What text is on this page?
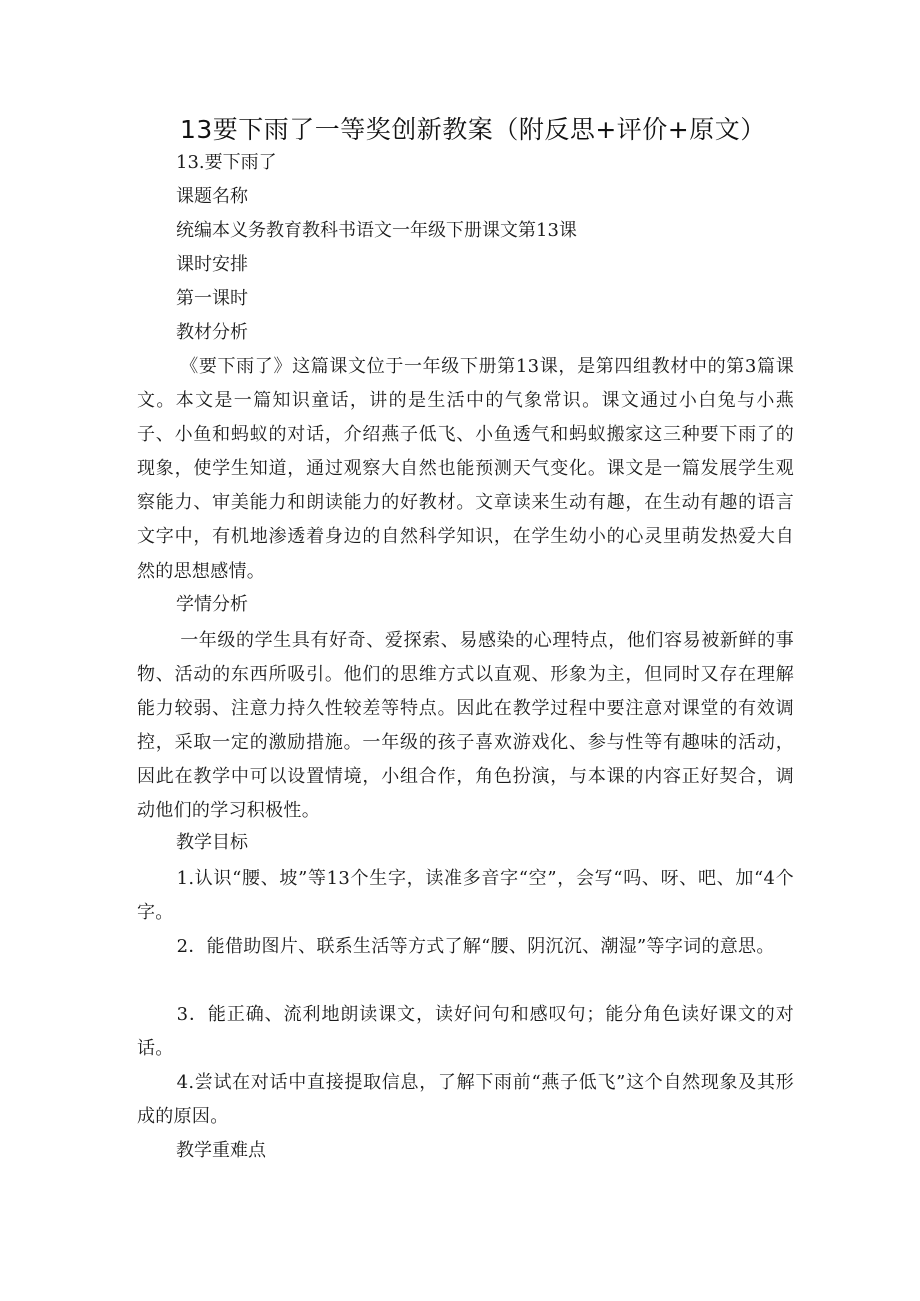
13要下雨了一等奖创新教案（附反思+评价+原文）
13.要下雨了
课题名称
统编本义务教育教科书语文一年级下册课文第13课
课时安排
第一课时
教材分析
《要下雨了》这篇课文位于一年级下册第13课，是第四组教材中的第3篇课文。本文是一篇知识童话，讲的是生活中的气象常识。课文通过小白兔与小燕子、小鱼和蚂蚁的对话，介绍燕子低飞、小鱼透气和蚂蚁搬家这三种要下雨了的现象，使学生知道，通过观察大自然也能预测天气变化。课文是一篇发展学生观察能力、审美能力和朗读能力的好教材。文章读来生动有趣，在生动有趣的语言文字中，有机地渗透着身边的自然科学知识，在学生幼小的心灵里萌发热爱大自然的思想感情。
学情分析
一年级的学生具有好奇、爱探索、易感染的心理特点，他们容易被新鲜的事物、活动的东西所吸引。他们的思维方式以直观、形象为主，但同时又存在理解能力较弱、注意力持久性较差等特点。因此在教学过程中要注意对课堂的有效调控，采取一定的激励措施。一年级的孩子喜欢游戏化、参与性等有趣味的活动，因此在教学中可以设置情境，小组合作，角色扮演，与本课的内容正好契合，调动他们的学习积极性。
教学目标
1.认识“腰、坡”等13个生字，读准多音字“空”，会写“吗、呀、吧、加“4个字。
2．能借助图片、联系生活等方式了解“腰、阴沉沉、潮湿”等字词的意思。
3．能正确、流利地朗读课文，读好问句和感叹句；能分角色读好课文的对话。
4.尝试在对话中直接提取信息，了解下雨前“燕子低飞”这个自然现象及其形成的原因。
教学重难点
